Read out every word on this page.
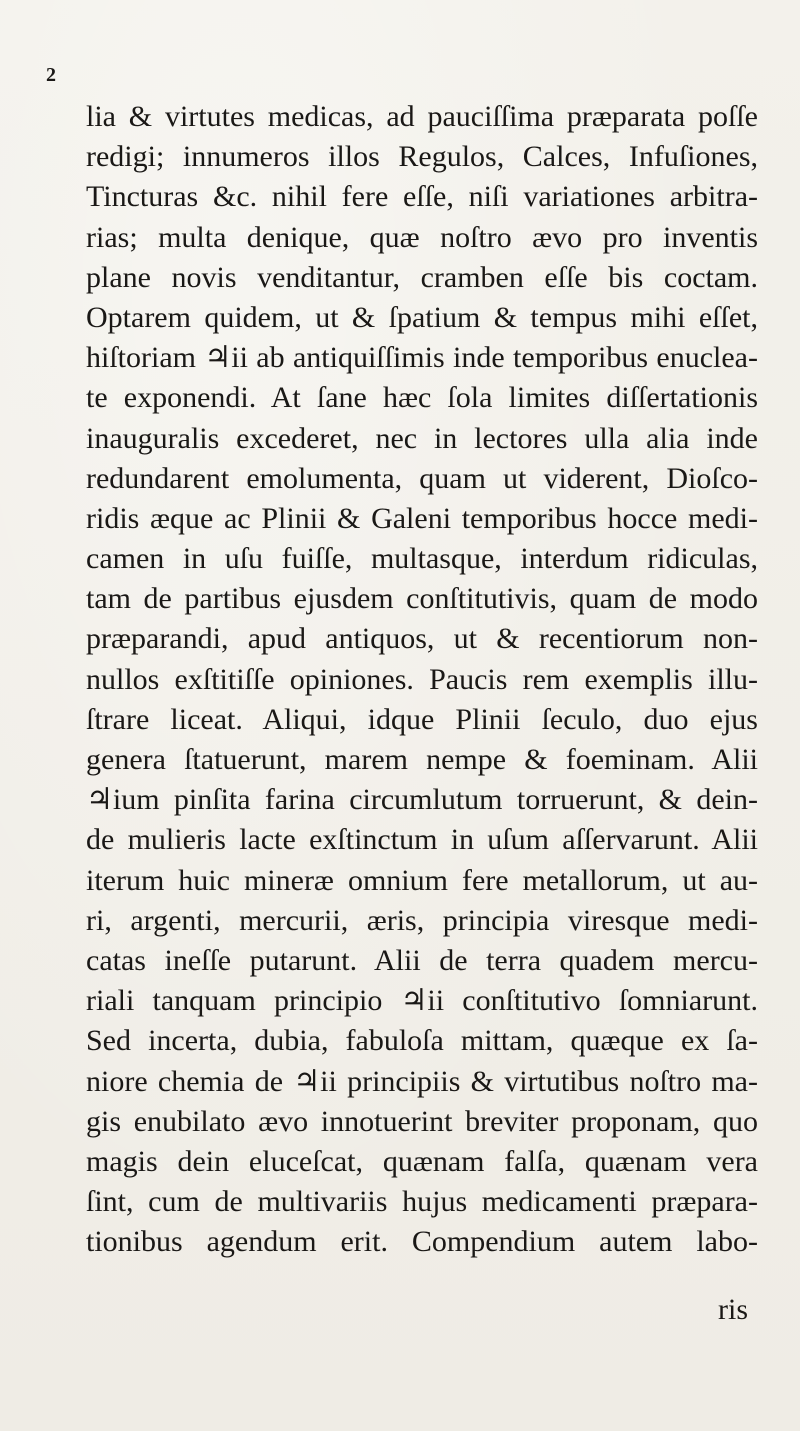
2
lia & virtutes medicas, ad pauciſſima præparata poſſe
redigi; innumeros illos Regulos, Calces, Infuſiones,
Tincturas &c. nihil fere eſſe, niſi variationes arbitra-
rias; multa denique, quæ noſtro ævo pro inventis
plane novis venditantur, cramben eſſe bis coctam.
Optarem quidem, ut & ſpatium & tempus mihi eſſet,
hiſtoriam ♃ii ab antiquiſſimis inde temporibus enuclea-
te exponendi. At ſane hæc ſola limites diſſertationis
inauguralis excederet, nec in lectores ulla alia inde
redundarent emolumenta, quam ut viderent, Dioſco-
ridis æque ac Plinii & Galeni temporibus hocce medi-
camen in uſu fuiſſe, multasque, interdum ridiculas,
tam de partibus ejusdem conſtitutivis, quam de modo
præparandi, apud antiquos, ut & recentiorum non-
nullos exſtitiſſe opiniones. Paucis rem exemplis illu-
ſtrare liceat. Aliqui, idque Plinii ſeculo, duo ejus
genera ſtatuerunt, marem nempe & foeminam. Alii
♃ium pinſita farina circumlutum torruerunt, & dein-
de mulieris lacte exſtinctum in uſum aſſervarunt. Alii
iterum huic mineræ omnium fere metallorum, ut au-
ri, argenti, mercurii, æris, principia viresque medi-
catas ineſſe putarunt. Alii de terra quadem mercu-
riali tanquam principio ♃ii conſtitutivo ſomniarunt.
Sed incerta, dubia, fabuloſa mittam, quæque ex ſa-
niore chemia de ♃ii principiis & virtutibus noſtro ma-
gis enubilato ævo innotuerint breviter proponam, quo
magis dein eluceſcat, quænam falſa, quænam vera
ſint, cum de multivariis hujus medicamenti præpara-
tionibus agendum erit. Compendium autem labo-
ris
